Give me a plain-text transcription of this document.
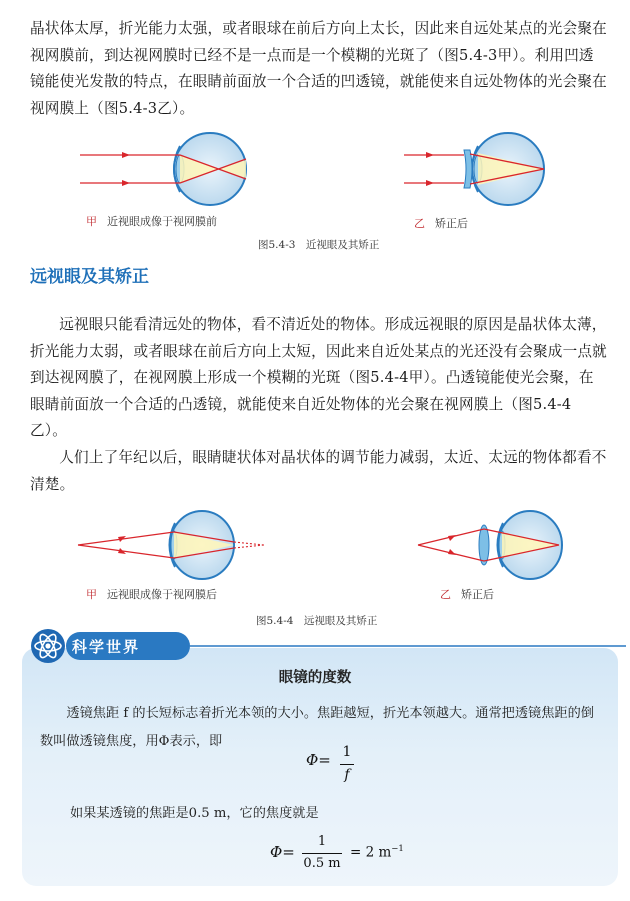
晶状体太厚，折光能力太强，或者眼球在前后方向上太长，因此来自远处某点的光会聚在视网膜前，到达视网膜时已经不是一点而是一个模糊的光斑了（图5.4-3甲）。利用凹透镜能使光发散的特点，在眼睛前面放一个合适的凹透镜，就能使来自远处物体的光会聚在视网膜上（图5.4-3乙）。

甲 近视眼成像于视网膜前	乙 矫正后
图5.4-3　近视眼及其矫正
远视眼及其矫正

远视眼只能看清远处的物体，看不清近处的物体。形成远视眼的原因是晶状体太薄，折光能力太弱，或者眼球在前后方向上太短，因此来自近处某点的光还没有会聚成一点就到达视网膜了，在视网膜上形成一个模糊的光斑（图5.4-4甲）。凸透镜能使光会聚，在眼睛前面放一个合适的凸透镜，就能使来自近处物体的光会聚在视网膜上（图5.4-4乙）。

人们上了年纪以后，眼睛睫状体对晶状体的调节能力减弱，太近、太远的物体都看不清楚。

甲 远视眼成像于视网膜后	乙 矫正后
图5.4-4　远视眼及其矫正
科学世界
眼镜的度数

透镜焦距 f 的长短标志着折光本领的大小。焦距越短，折光本领越大。通常把透镜焦距的倒数叫做透镜焦度，用Φ表示，即

Φ= 1
f

如果某透镜的焦距是0.5 m，它的焦度就是

Φ=
1
0.5 m
= 2 $m^{-1}$
